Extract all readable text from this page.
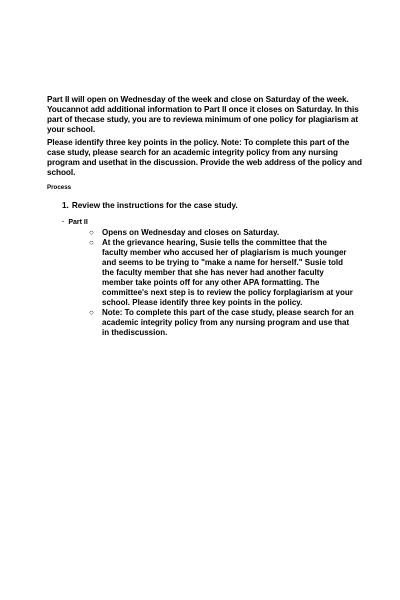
Part II will open on Wednesday of the week and close on Saturday of the week. Youcannot add additional information to Part II once it closes on Saturday. In this part of thecase study, you are to reviewa minimum of one policy for plagiarism at your school.
Please identify three key points in the policy. Note: To complete this part of the case study, please search for an academic integrity policy from any nursing program and usethat in the discussion. Provide the web address of the policy and school.
Process
1. Review the instructions for the case study.
· Part II
○ Opens on Wednesday and closes on Saturday.
○ At the grievance hearing, Susie tells the committee that the faculty member who accused her of plagiarism is much younger and seems to be trying to "make a name for herself." Susie told the faculty member that she has never had another faculty member take points off for any other APA formatting. The committee's next step is to review the policy forplagiarism at your school. Please identify three key points in the policy.
○ Note: To complete this part of the case study, please search for an academic integrity policy from any nursing program and use that in thediscussion.
